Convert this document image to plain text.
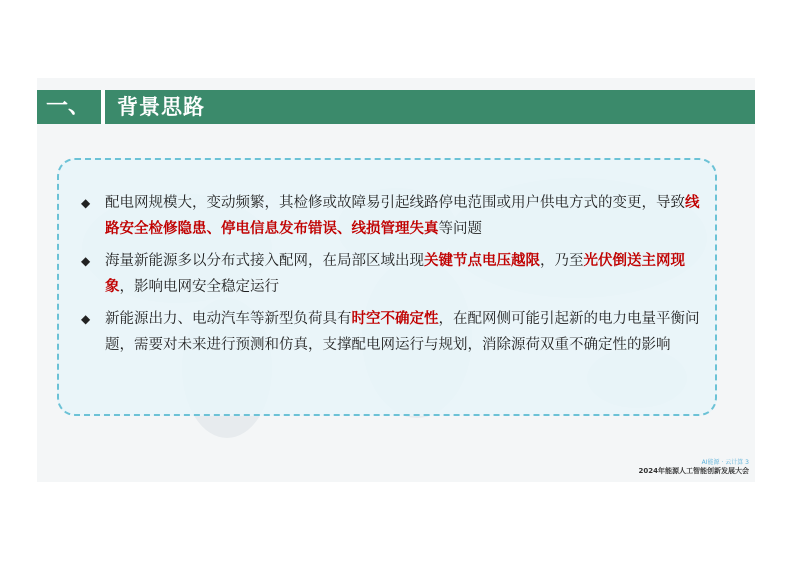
一、	背景思路
◆	配电网规模大，变动频繁，其检修或故障易引起线路停电范围或用户供电方式的变更，导致线路安全检修隐患、停电信息发布错误、线损管理失真等问题
◆	海量新能源多以分布式接入配网，在局部区域出现关键节点电压越限，乃至光伏倒送主网现象，影响电网安全稳定运行
◆	新能源出力、电动汽车等新型负荷具有时空不确定性，在配网侧可能引起新的电力电量平衡问题，需要对未来进行预测和仿真，支撑配电网运行与规划，消除源荷双重不确定性的影响
AI能源 · 云计算 3
2024年能源人工智能创新发展大会
